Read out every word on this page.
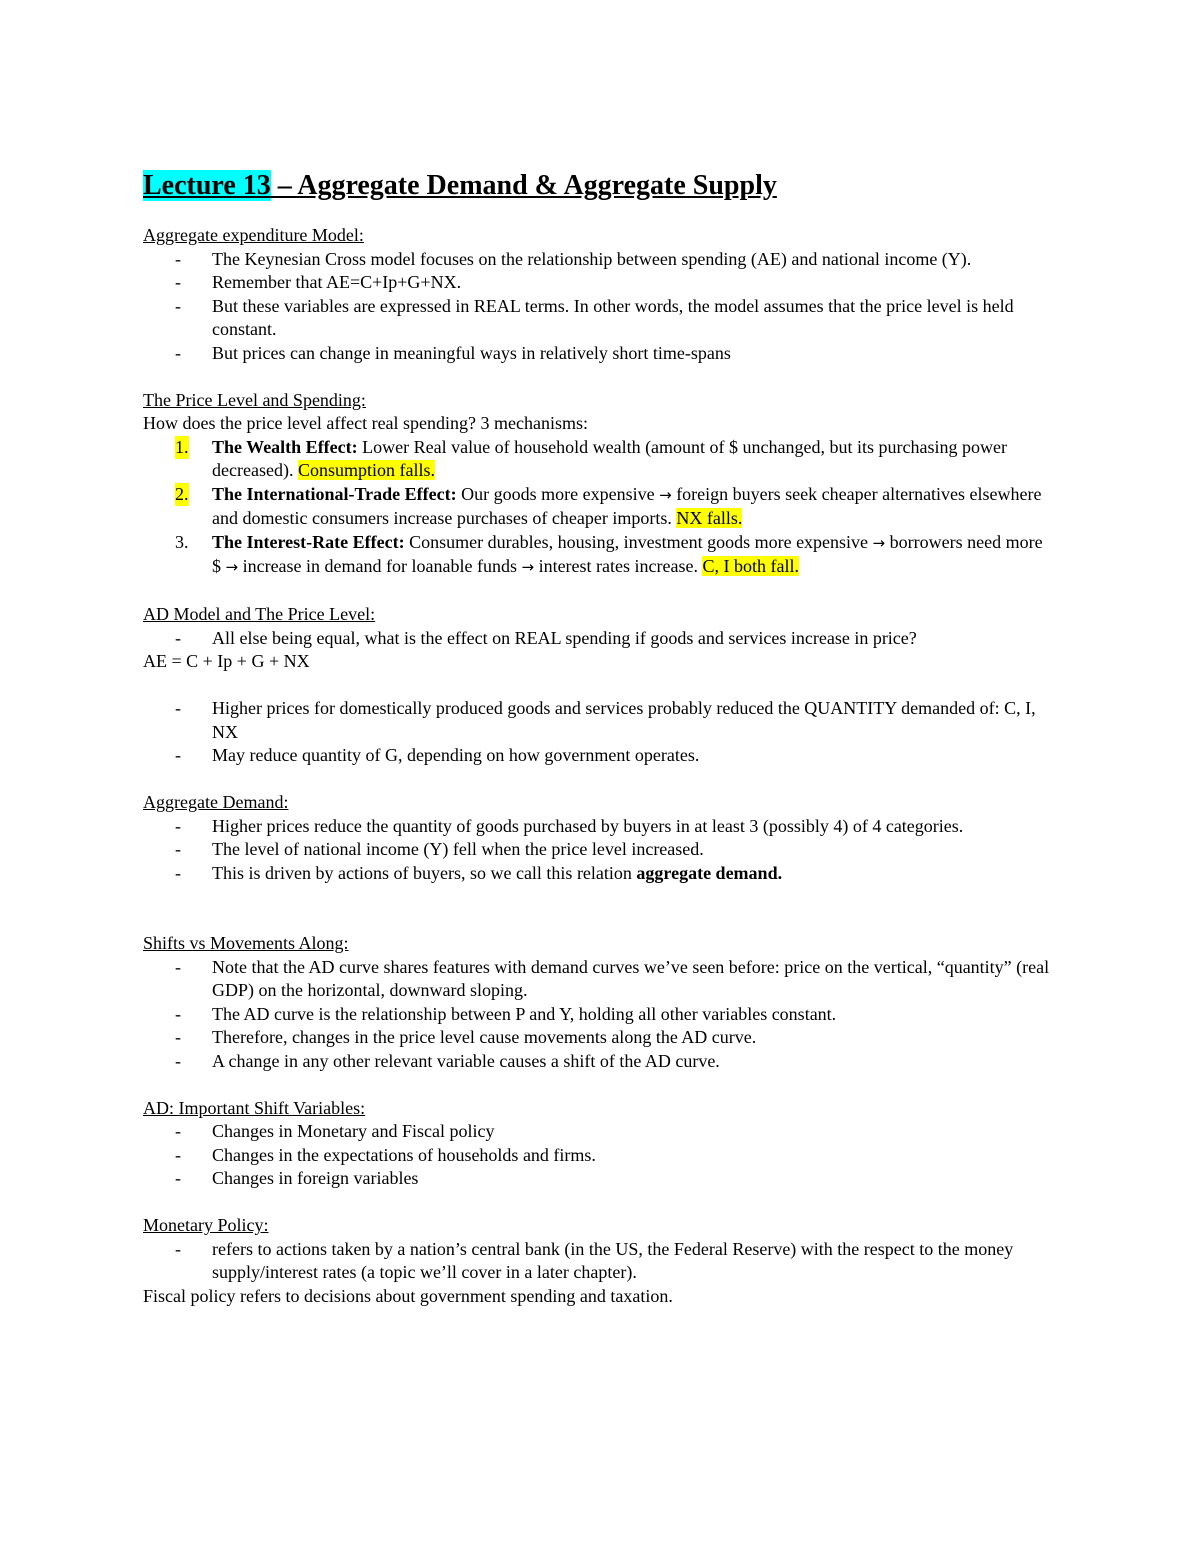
Lecture 13 – Aggregate Demand & Aggregate Supply

Aggregate expenditure Model:

- The Keynesian Cross model focuses on the relationship between spending (AE) and national income (Y).
- Remember that AE=C+Ip+G+NX.
- But these variables are expressed in REAL terms. In other words, the model assumes that the price level is held constant.
- But prices can change in meaningful ways in relatively short time-spans

The Price Level and Spending:

How does the price level affect real spending? 3 mechanisms:

1. The Wealth Effect: Lower Real value of household wealth (amount of $ unchanged, but its purchasing power decreased). Consumption falls.
2. The International-Trade Effect: Our goods more expensive → foreign buyers seek cheaper alternatives elsewhere and domestic consumers increase purchases of cheaper imports. NX falls.
3. The Interest-Rate Effect: Consumer durables, housing, investment goods more expensive → borrowers need more $ → increase in demand for loanable funds → interest rates increase. C, I both fall.

AD Model and The Price Level:

- All else being equal, what is the effect on REAL spending if goods and services increase in price?

AE = C + Ip + G + NX

- Higher prices for domestically produced goods and services probably reduced the QUANTITY demanded of: C, I, NX
- May reduce quantity of G, depending on how government operates.

Aggregate Demand:

- Higher prices reduce the quantity of goods purchased by buyers in at least 3 (possibly 4) of 4 categories.
- The level of national income (Y) fell when the price level increased.
- This is driven by actions of buyers, so we call this relation aggregate demand.

Shifts vs Movements Along:

- Note that the AD curve shares features with demand curves we’ve seen before: price on the vertical, “quantity” (real GDP) on the horizontal, downward sloping.
- The AD curve is the relationship between P and Y, holding all other variables constant.
- Therefore, changes in the price level cause movements along the AD curve.
- A change in any other relevant variable causes a shift of the AD curve.

AD: Important Shift Variables:

- Changes in Monetary and Fiscal policy
- Changes in the expectations of households and firms.
- Changes in foreign variables

Monetary Policy:

- refers to actions taken by a nation’s central bank (in the US, the Federal Reserve) with the respect to the money supply/interest rates (a topic we’ll cover in a later chapter).

Fiscal policy refers to decisions about government spending and taxation.
